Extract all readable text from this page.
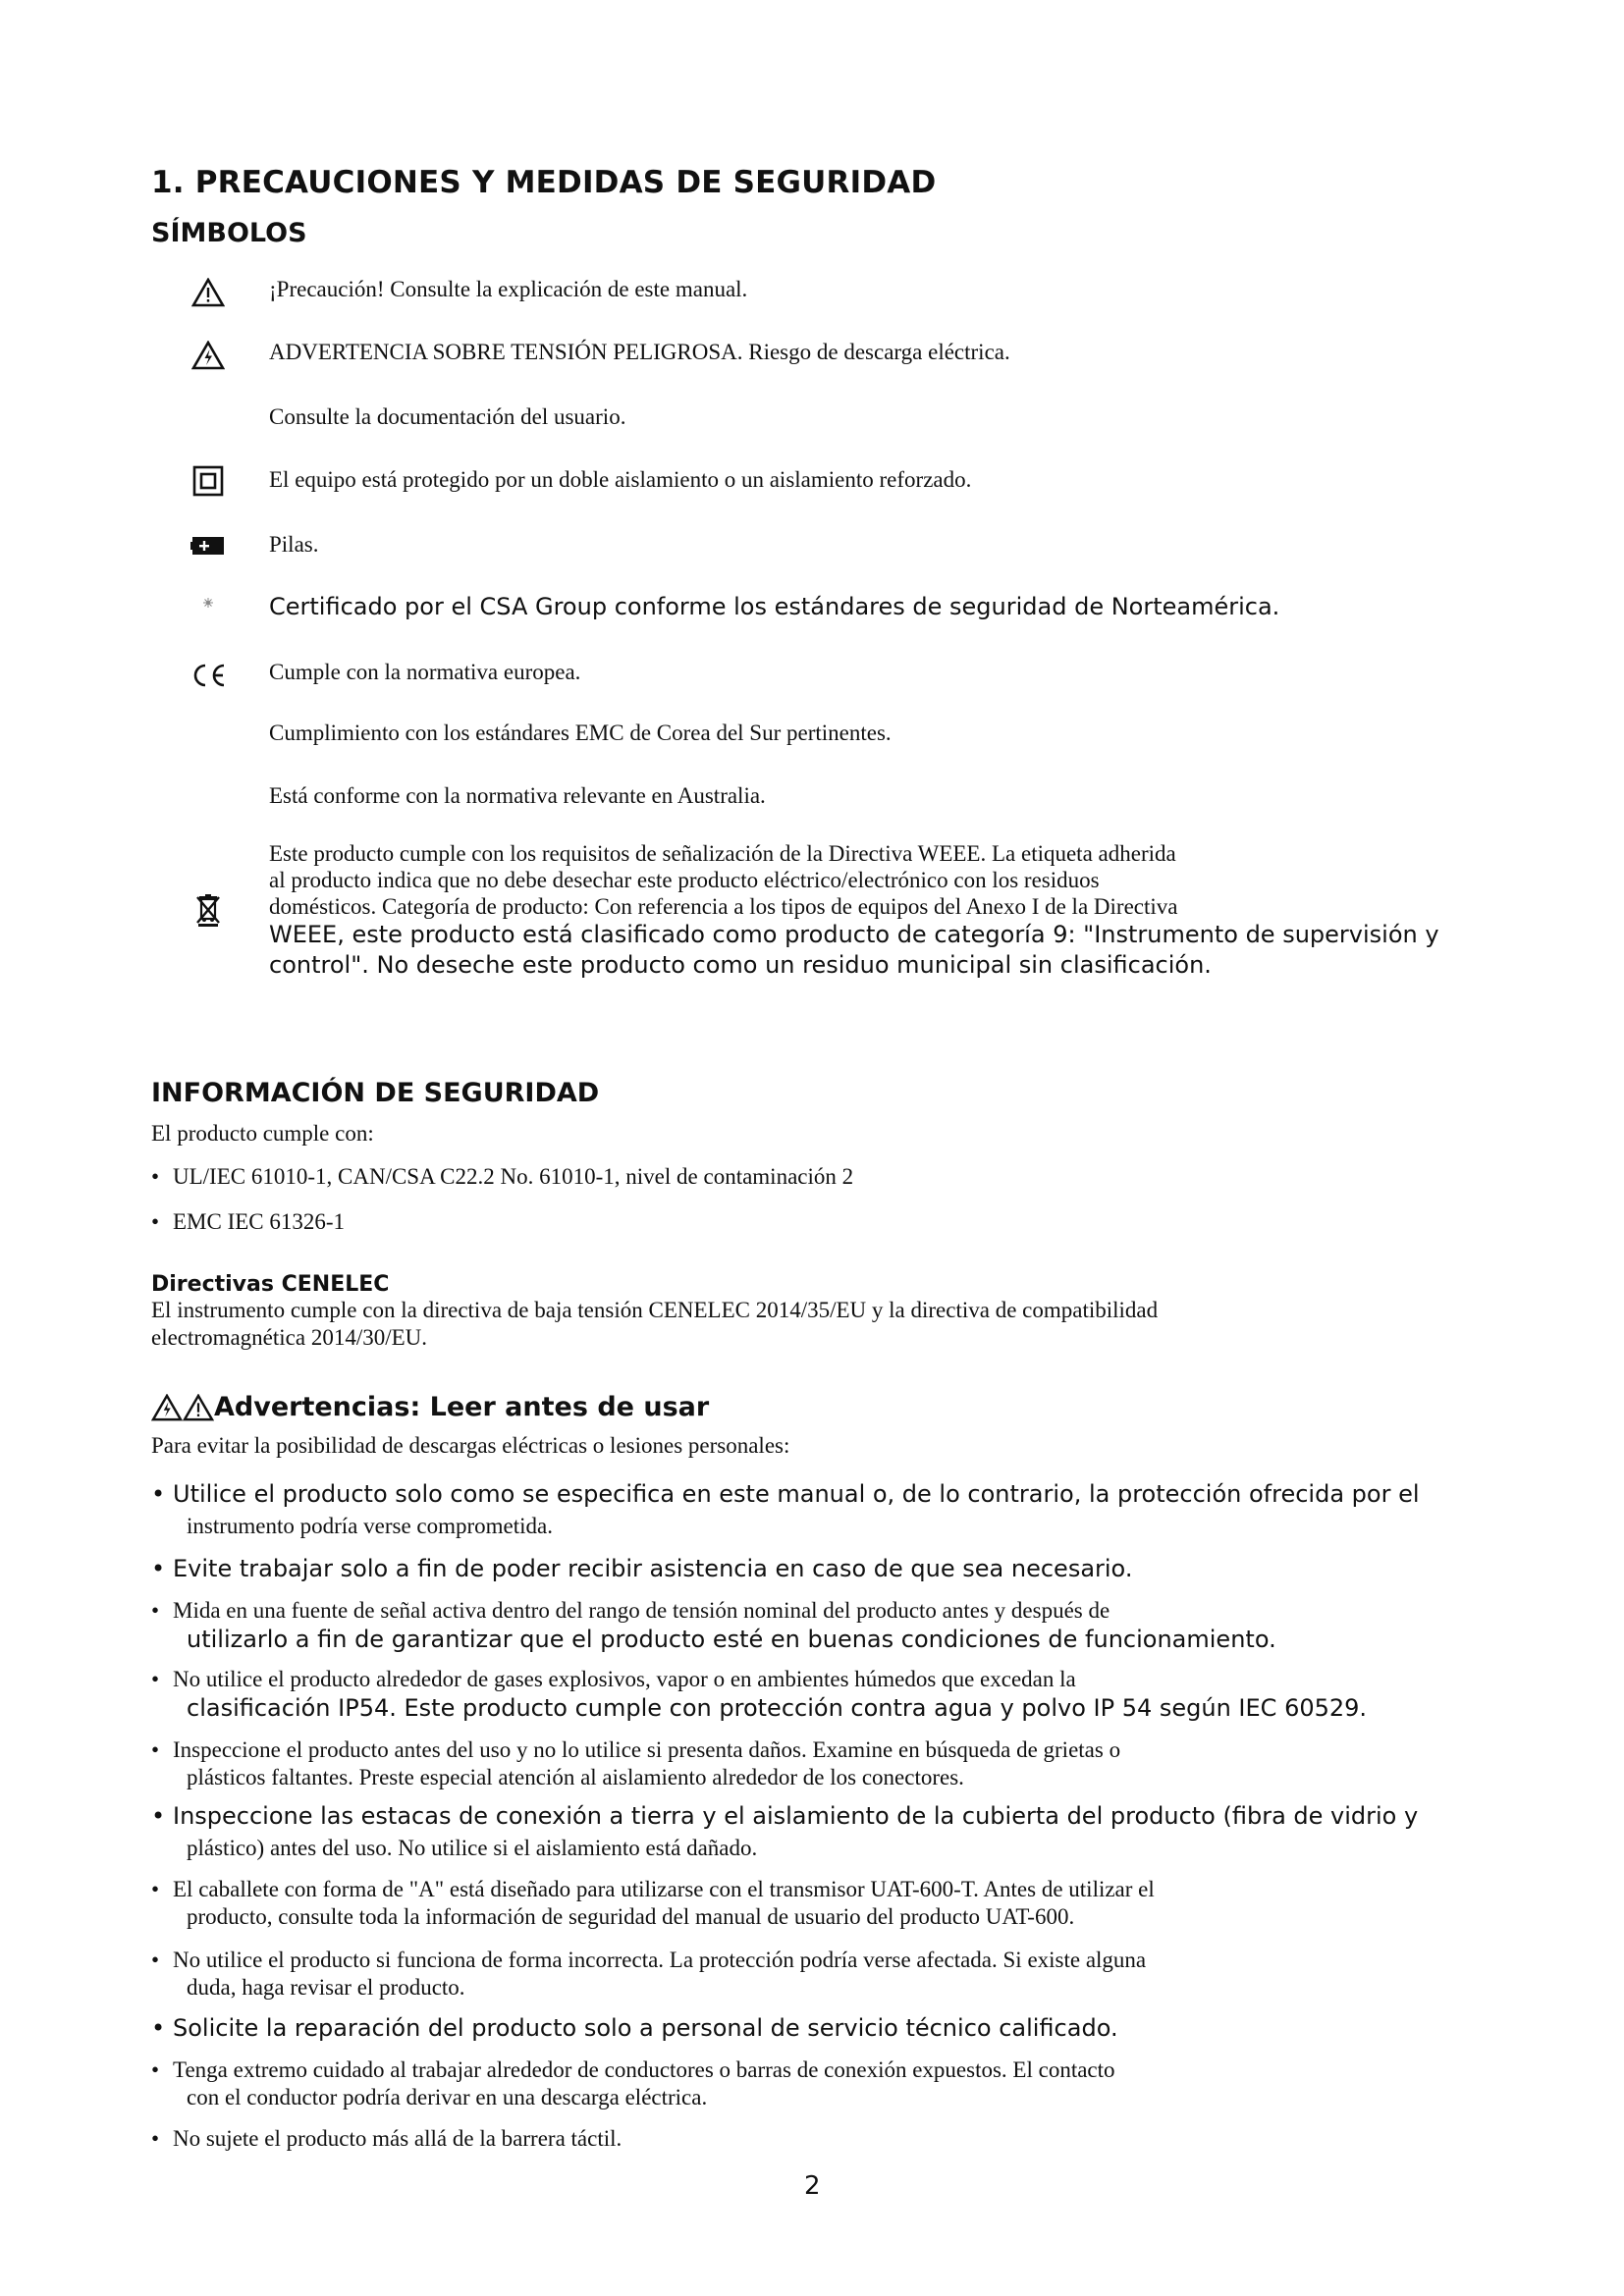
1. PRECAUCIONES Y MEDIDAS DE SEGURIDAD
SÍMBOLOS
¡Precaución! Consulte la explicación de este manual.
ADVERTENCIA SOBRE TENSIÓN PELIGROSA. Riesgo de descarga eléctrica.
Consulte la documentación del usuario.
El equipo está protegido por un doble aislamiento o un aislamiento reforzado.
Pilas.
Certificado por el CSA Group conforme los estándares de seguridad de Norteamérica.
Cumple con la normativa europea.
Cumplimiento con los estándares EMC de Corea del Sur pertinentes.
Está conforme con la normativa relevante en Australia.
Este producto cumple con los requisitos de señalización de la Directiva WEEE. La etiqueta adherida
al producto indica que no debe desechar este producto eléctrico/electrónico con los residuos
domésticos. Categoría de producto: Con referencia a los tipos de equipos del Anexo I de la Directiva
WEEE, este producto está clasificado como producto de categoría 9: "Instrumento de supervisión y
control". No deseche este producto como un residuo municipal sin clasificación.
INFORMACIÓN DE SEGURIDAD
El producto cumple con:
• UL/IEC 61010-1, CAN/CSA C22.2 No. 61010-1, nivel de contaminación 2
• EMC IEC 61326-1
Directivas CENELEC
El instrumento cumple con la directiva de baja tensión CENELEC 2014/35/EU y la directiva de compatibilidad
electromagnética 2014/30/EU.
Advertencias: Leer antes de usar
Para evitar la posibilidad de descargas eléctricas o lesiones personales:
• Utilice el producto solo como se especifica en este manual o, de lo contrario, la protección ofrecida por el
instrumento podría verse comprometida.
• Evite trabajar solo a fin de poder recibir asistencia en caso de que sea necesario.
• Mida en una fuente de señal activa dentro del rango de tensión nominal del producto antes y después de
utilizarlo a fin de garantizar que el producto esté en buenas condiciones de funcionamiento.
• No utilice el producto alrededor de gases explosivos, vapor o en ambientes húmedos que excedan la
clasificación IP54. Este producto cumple con protección contra agua y polvo IP 54 según IEC 60529.
• Inspeccione el producto antes del uso y no lo utilice si presenta daños. Examine en búsqueda de grietas o
plásticos faltantes. Preste especial atención al aislamiento alrededor de los conectores.
• Inspeccione las estacas de conexión a tierra y el aislamiento de la cubierta del producto (fibra de vidrio y
plástico) antes del uso. No utilice si el aislamiento está dañado.
• El caballete con forma de "A" está diseñado para utilizarse con el transmisor UAT-600-T. Antes de utilizar el
producto, consulte toda la información de seguridad del manual de usuario del producto UAT-600.
• No utilice el producto si funciona de forma incorrecta. La protección podría verse afectada. Si existe alguna
duda, haga revisar el producto.
• Solicite la reparación del producto solo a personal de servicio técnico calificado.
• Tenga extremo cuidado al trabajar alrededor de conductores o barras de conexión expuestos. El contacto
con el conductor podría derivar en una descarga eléctrica.
• No sujete el producto más allá de la barrera táctil.
2
